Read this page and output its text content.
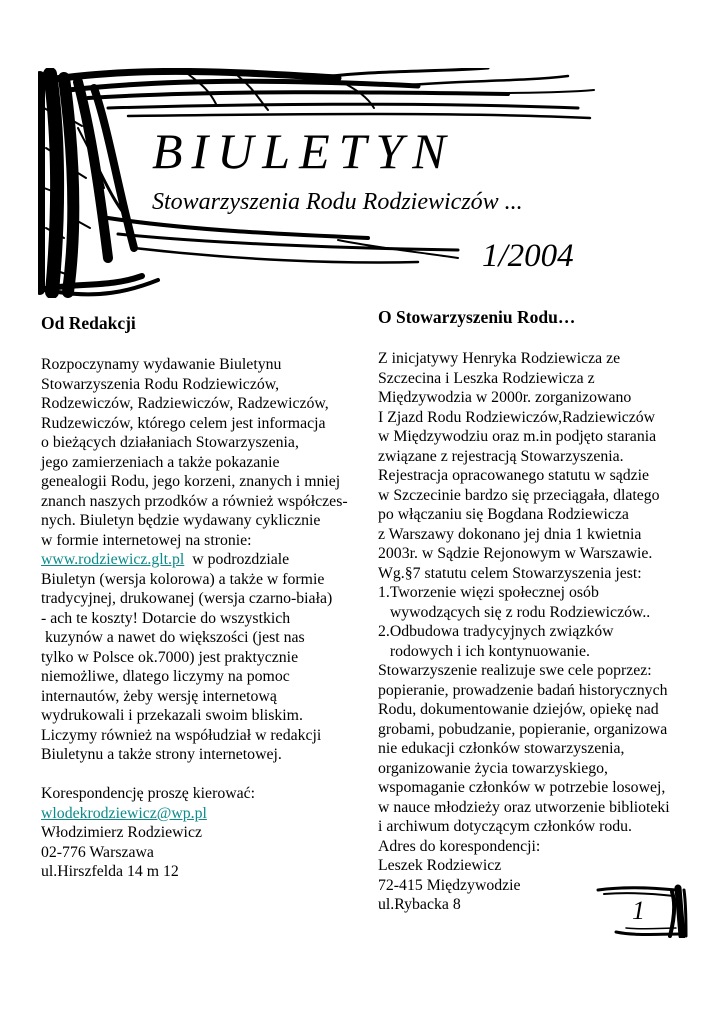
BIULETYN
Stowarzyszenia Rodu Rodziewiczów ...
1/2004
Od Redakcji
Rozpoczynamy wydawanie Biuletynu
Stowarzyszenia Rodu Rodziewiczów,
Rodzewiczów, Radziewiczów, Radzewiczów,
Rudzewiczów, którego celem jest informacja
o bieżących działaniach Stowarzyszenia,
jego zamierzeniach a także pokazanie
genealogii Rodu, jego korzeni, znanych i mniej
znanch naszych przodków a również współczes-
nych. Biuletyn będzie wydawany cyklicznie
w formie internetowej na stronie:
www.rodziewicz.glt.pl  w podrozdziale
Biuletyn (wersja kolorowa) a także w formie
tradycyjnej, drukowanej (wersja czarno-biała)
- ach te koszty! Dotarcie do wszystkich
kuzynów a nawet do większości (jest nas
tylko w Polsce ok.7000) jest praktycznie
niemożliwe, dlatego liczymy na pomoc
internautów, żeby wersję internetową
wydrukowali i przekazali swoim bliskim.
Liczymy również na współudział w redakcji
Biuletynu a także strony internetowej.
Korespondencję proszę kierować:
wlodekrodziewicz@wp.pl
Włodzimierz Rodziewicz
02-776 Warszawa
ul.Hirszfelda 14 m 12
O Stowarzyszeniu Rodu…
Z inicjatywy Henryka Rodziewicza ze
Szczecina i Leszka Rodziewicza z
Międzywodzia w 2000r. zorganizowano
I Zjazd Rodu Rodziewiczów,Radziewiczów
w Międzywodziu oraz m.in podjęto starania
związane z rejestracją Stowarzyszenia.
Rejestracja opracowanego statutu w sądzie
w Szczecinie bardzo się przeciągała, dlatego
po włączaniu się Bogdana Rodziewicza
z Warszawy dokonano jej dnia 1 kwietnia
2003r. w Sądzie Rejonowym w Warszawie.
Wg.§7 statutu celem Stowarzyszenia jest:
1.Tworzenie więzi społecznej osób
wywodzących się z rodu Rodziewiczów..
2.Odbudowa tradycyjnych związków
rodowych i ich kontynuowanie.
Stowarzyszenie realizuje swe cele poprzez:
popieranie, prowadzenie badań historycznych
Rodu, dokumentowanie dziejów, opiekę nad
grobami, pobudzanie, popieranie, organizowa
nie edukacji członków stowarzyszenia,
organizowanie życia towarzyskiego,
wspomaganie członków w potrzebie losowej,
w nauce młodzieży oraz utworzenie biblioteki
i archiwum dotyczącym członków rodu.
Adres do korespondencji:
Leszek Rodziewicz
72-415 Międzywodzie
ul.Rybacka 8	1
